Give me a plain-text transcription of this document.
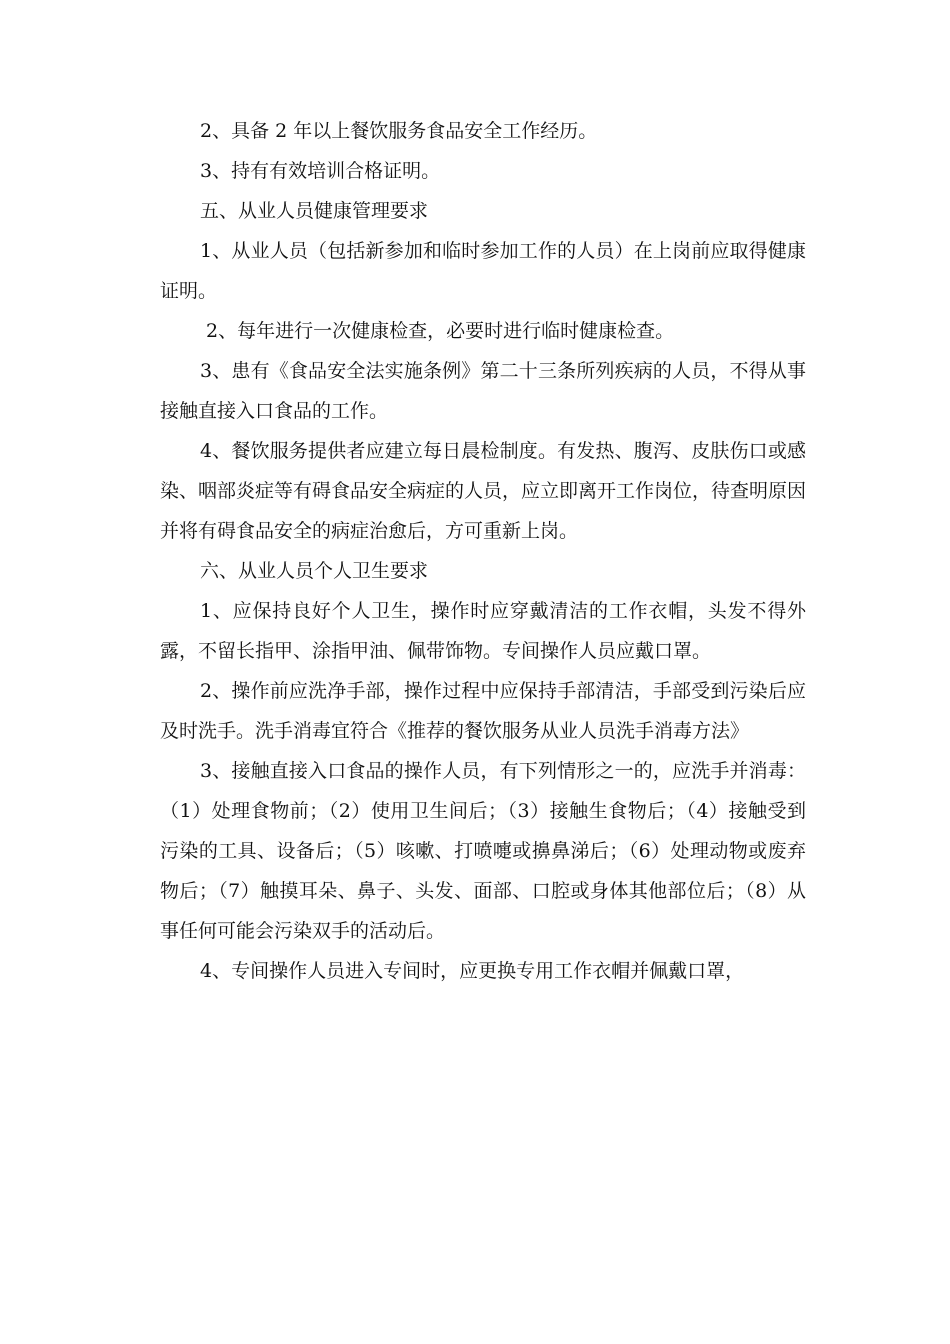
2、具备 2 年以上餐饮服务食品安全工作经历。

3、持有有效培训合格证明。

五、从业人员健康管理要求

1、从业人员（包括新参加和临时参加工作的人员）在上岗前应取得健康证明。

2、每年进行一次健康检查，必要时进行临时健康检查。

3、患有《食品安全法实施条例》第二十三条所列疾病的人员，不得从事接触直接入口食品的工作。

4、餐饮服务提供者应建立每日晨检制度。有发热、腹泻、皮肤伤口或感染、咽部炎症等有碍食品安全病症的人员，应立即离开工作岗位，待查明原因并将有碍食品安全的病症治愈后，方可重新上岗。

六、从业人员个人卫生要求

1、应保持良好个人卫生，操作时应穿戴清洁的工作衣帽，头发不得外露，不留长指甲、涂指甲油、佩带饰物。专间操作人员应戴口罩。

2、操作前应洗净手部，操作过程中应保持手部清洁，手部受到污染后应及时洗手。洗手消毒宜符合《推荐的餐饮服务从业人员洗手消毒方法》

3、接触直接入口食品的操作人员，有下列情形之一的，应洗手并消毒：（1）处理食物前；（2）使用卫生间后；（3）接触生食物后；（4）接触受到污染的工具、设备后；（5）咳嗽、打喷嚏或擤鼻涕后；（6）处理动物或废弃物后；（7）触摸耳朵、鼻子、头发、面部、口腔或身体其他部位后；（8）从事任何可能会污染双手的活动后。

4、专间操作人员进入专间时，应更换专用工作衣帽并佩戴口罩，
